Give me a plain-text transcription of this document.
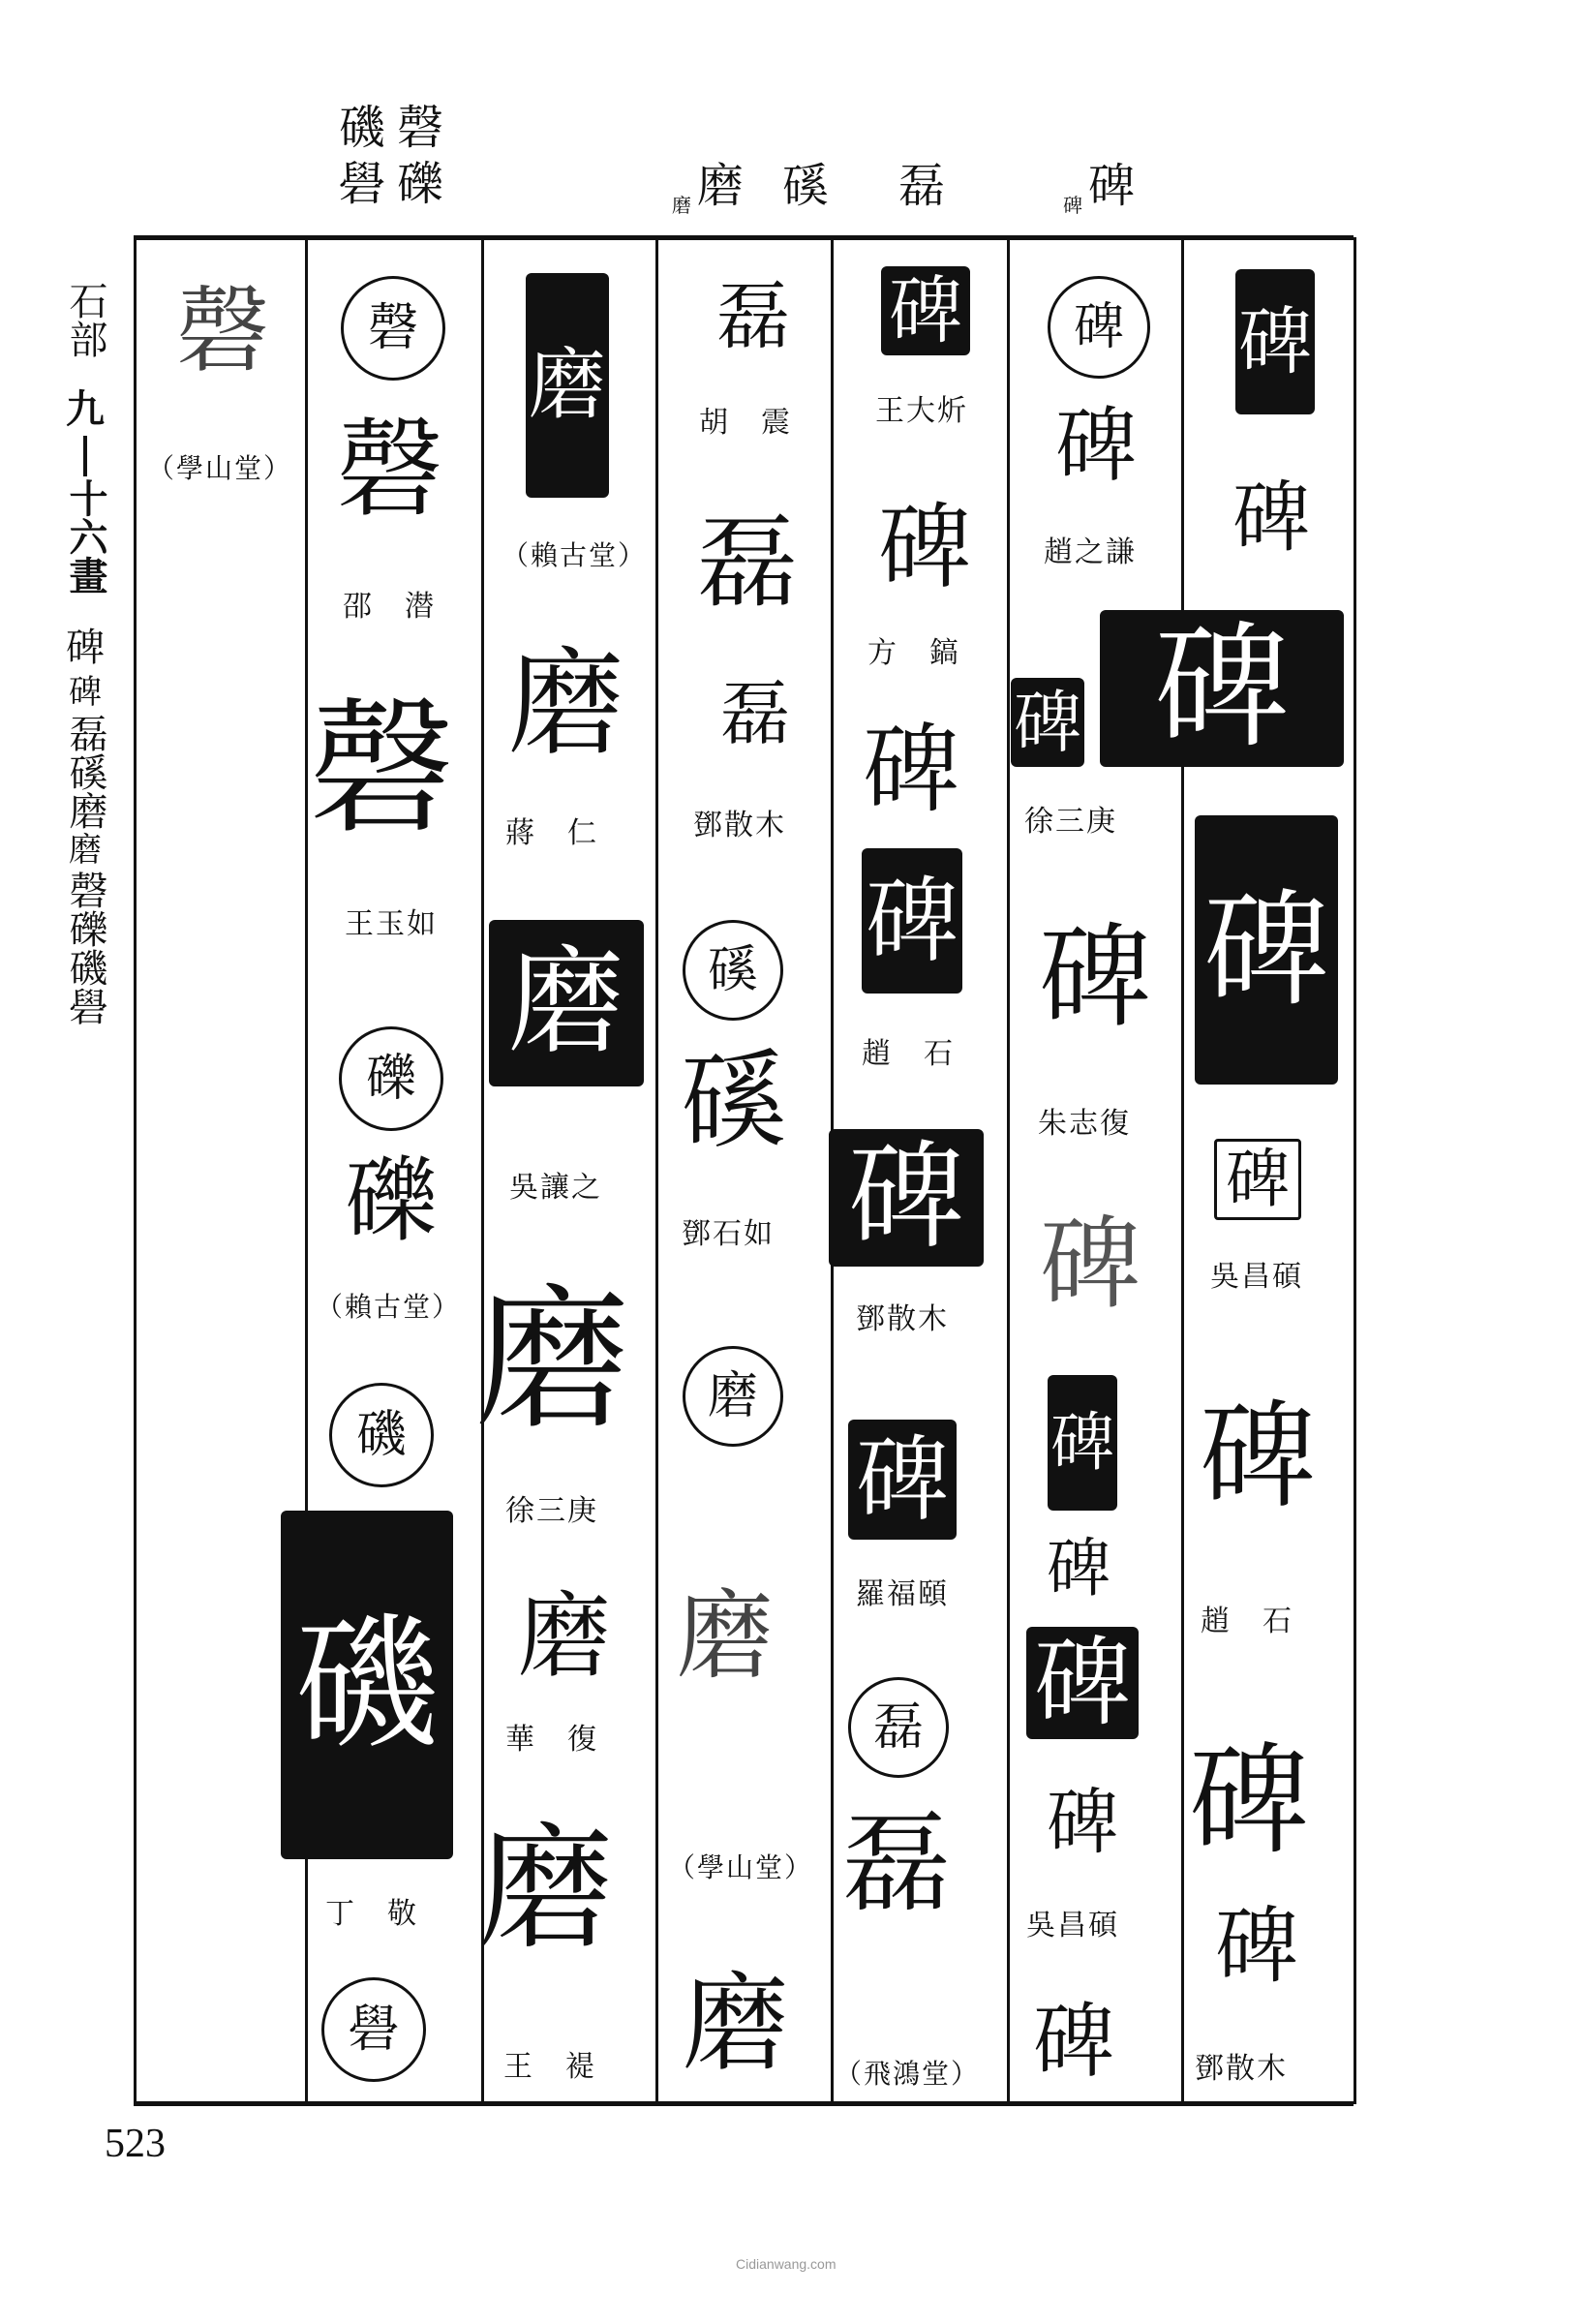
磯磬
礐礫	磨 磨 磎 磊	碑 碑
石部
九
十六畫
碑
碑
磊磎磨
磨
磬礫磯礐
磬
（學山堂）
磬
磬
邵　潜
磬
王玉如
礫
礫
（賴古堂）
磯
磯
丁　敬
礐
磨
（賴古堂）
磨
蔣　仁
磨
吳讓之
磨
徐三庚
磨
華　復
磨
王　褆
磊
胡　震
磊
磊
鄧散木
磎
磎
鄧石如
磨
磨
（學山堂）
磨
碑
王大炘
碑
方　鎬
碑
碑
趙　石
碑
鄧散木
碑
羅福頤
磊
磊
（飛鴻堂）
碑
碑
趙之謙
碑 碑
徐三庚
碑
朱志復
碑
碑
碑
碑
碑
吳昌碩
碑
碑
碑
碑
碑
吳昌碩
碑
趙　石
碑
碑
鄧散木
523
Cidianwang.com
